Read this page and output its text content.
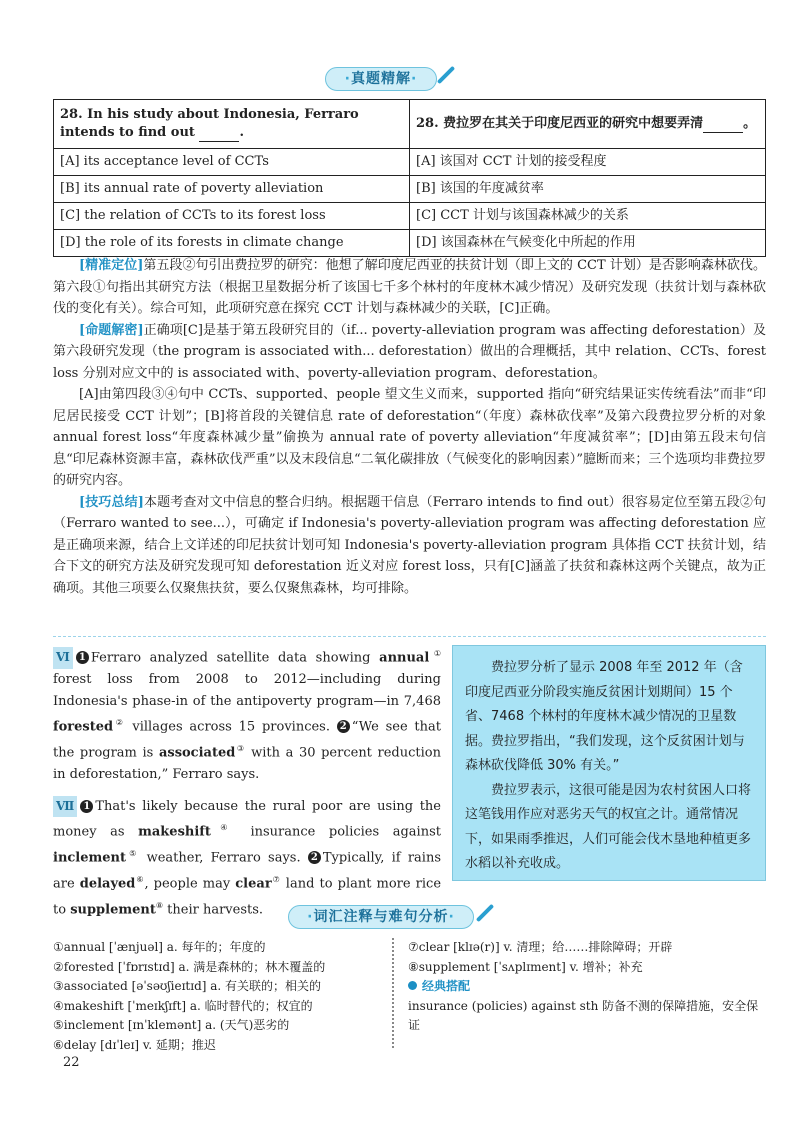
·真题精解·
28. In his study about Indonesia, Ferraro intends to find out .	28. 费拉罗在其关于印度尼西亚的研究中想要弄清 。
[A] its acceptance level of CCTs	[A] 该国对 CCT 计划的接受程度
[B] its annual rate of poverty alleviation	[B] 该国的年度减贫率
[C] the relation of CCTs to its forest loss	[C] CCT 计划与该国森林减少的关系
[D] the role of its forests in climate change	[D] 该国森林在气候变化中所起的作用
[精准定位]第五段②句引出费拉罗的研究：他想了解印度尼西亚的扶贫计划（即上文的 CCT 计划）是否影响森林砍伐。第六段①句指出其研究方法（根据卫星数据分析了该国七千多个林村的年度林木减少情况）及研究发现（扶贫计划与森林砍伐的变化有关）。综合可知，此项研究意在探究 CCT 计划与森林减少的关联，[C]正确。
[命题解密]正确项[C]是基于第五段研究目的（if... poverty-alleviation program was affecting deforestation）及第六段研究发现（the program is associated with... deforestation）做出的合理概括，其中 relation、CCTs、forest loss 分别对应文中的 is associated with、poverty-alleviation program、deforestation。
[A]由第四段③④句中 CCTs、supported、people 望文生义而来，supported 指向“研究结果证实传统看法”而非“印尼居民接受 CCT 计划”；[B]将首段的关键信息 rate of deforestation“（年度）森林砍伐率”及第六段费拉罗分析的对象 annual forest loss“年度森林减少量”偷换为 annual rate of poverty alleviation“年度减贫率”；[D]由第五段末句信息“印尼森林资源丰富，森林砍伐严重”以及末段信息“二氧化碳排放（气候变化的影响因素）”臆断而来；三个选项均非费拉罗的研究内容。
[技巧总结]本题考查对文中信息的整合归纳。根据题干信息（Ferraro intends to find out）很容易定位至第五段②句（Ferraro wanted to see...），可确定 if Indonesia's poverty-alleviation program was affecting deforestation 应是正确项来源，结合上文详述的印尼扶贫计划可知 Indonesia's poverty-alleviation program 具体指 CCT 扶贫计划，结合下文的研究方法及研究发现可知 deforestation 近义对应 forest loss，只有[C]涵盖了扶贫和森林这两个关键点，故为正确项。其他三项要么仅聚焦扶贫，要么仅聚焦森林，均可排除。
Ⅵ 1 Ferraro analyzed satellite data showing annual① forest loss from 2008 to 2012—including during Indonesia's phase-in of the antipoverty program—in 7,468 forested② villages across 15 provinces. 2 “We see that the program is associated③ with a 30 percent reduction in deforestation,” Ferraro says.
Ⅶ 1 That's likely because the rural poor are using the money as makeshift④ insurance policies against inclement⑤ weather, Ferraro says. 2 Typically, if rains are delayed⑥, people may clear⑦ land to plant more rice to supplement⑧ their harvests.
费拉罗分析了显示 2008 年至 2012 年（含印度尼西亚分阶段实施反贫困计划期间）15 个省、7468 个林村的年度林木减少情况的卫星数据。费拉罗指出，“我们发现，这个反贫困计划与森林砍伐降低 30% 有关。”
费拉罗表示，这很可能是因为农村贫困人口将这笔钱用作应对恶劣天气的权宜之计。通常情况下，如果雨季推迟，人们可能会伐木垦地种植更多水稻以补充收成。
·词汇注释与难句分析·
①annual [ˈænjuəl] a. 每年的；年度的
②forested [ˈfɒrɪstɪd] a. 满是森林的；林木覆盖的
③associated [əˈsəʊʃieɪtɪd] a. 有关联的；相关的
④makeshift [ˈmeɪkʃɪft] a. 临时替代的；权宜的
⑤inclement [ɪnˈklemənt] a. (天气)恶劣的
⑥delay [dɪˈleɪ] v. 延期；推迟
⑦clear [klɪə(r)] v. 清理；给……排除障碍；开辟
⑧supplement [ˈsʌplɪment] v. 增补；补充
经典搭配
insurance (policies) against sth 防备不测的保障措施，安全保证
22
